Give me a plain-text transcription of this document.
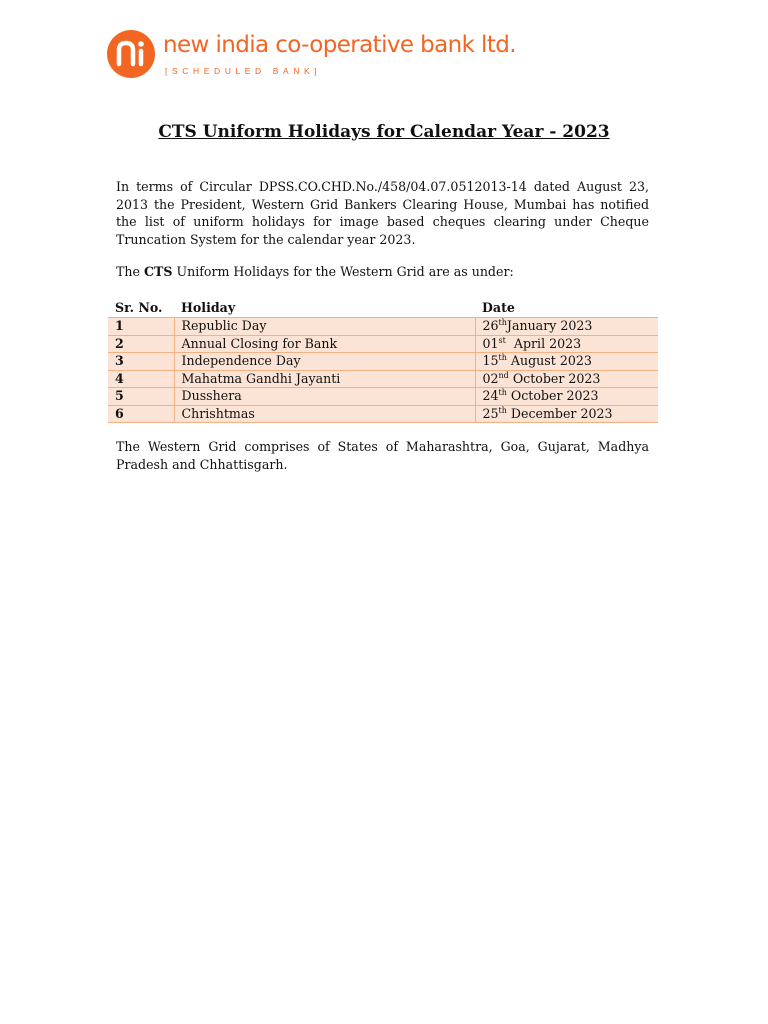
new india co-operative bank ltd.
[SCHEDULED BANK]
CTS Uniform Holidays for Calendar Year - 2023

In terms of Circular DPSS.CO.CHD.No./458/04.07.0512013-14 dated August 23, 2013 the President, Western Grid Bankers Clearing House, Mumbai has notified the list of uniform holidays for image based cheques clearing under Cheque Truncation System for the calendar year 2023.

The CTS Uniform Holidays for the Western Grid are as under:

Sr. No.	Holiday	Date
1	Republic Day	26thJanuary 2023
2	Annual Closing for Bank	01st  April 2023
3	Independence Day	15th August 2023
4	Mahatma Gandhi Jayanti	02nd October 2023
5	Dusshera	24th October 2023
6	Chrishtmas	25th December 2023

The Western Grid comprises of States of Maharashtra, Goa, Gujarat, Madhya Pradesh and Chhattisgarh.
